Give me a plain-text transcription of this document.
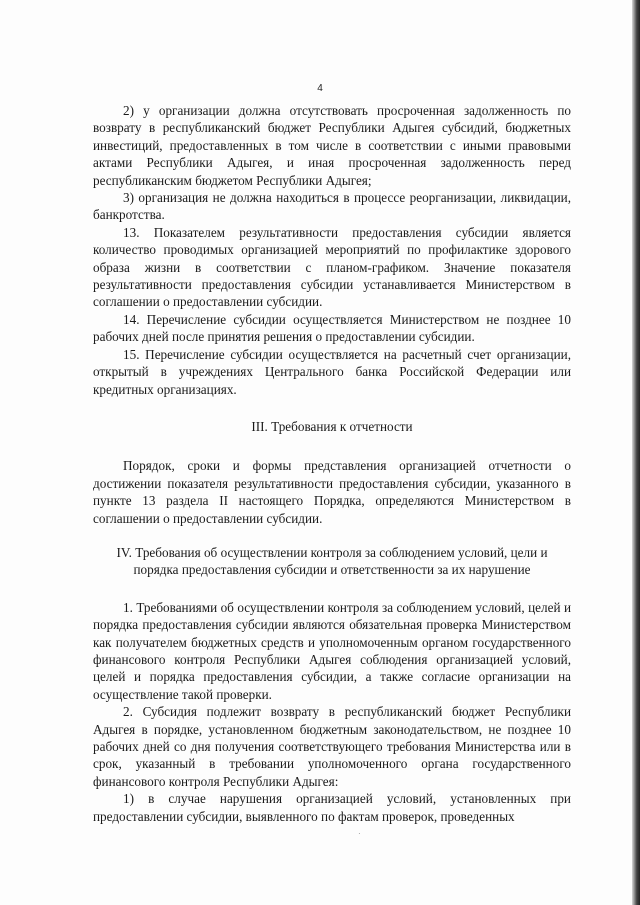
4

2) у организации должна отсутствовать просроченная задолженность по возврату в республиканский бюджет Республики Адыгея субсидий, бюджетных инвестиций, предоставленных в том числе в соответствии с иными правовыми актами Республики Адыгея, и иная просроченная задолженность перед республиканским бюджетом Республики Адыгея;

3) организация не должна находиться в процессе реорганизации, ликвидации, банкротства.

13. Показателем результативности предоставления субсидии является количество проводимых организацией мероприятий по профилактике здорового образа жизни в соответствии с планом-графиком. Значение показателя результативности предоставления субсидии устанавливается Министерством в соглашении о предоставлении субсидии.

14. Перечисление субсидии осуществляется Министерством не позднее 10 рабочих дней после принятия решения о предоставлении субсидии.

15. Перечисление субсидии осуществляется на расчетный счет организации, открытый в учреждениях Центрального банка Российской Федерации или кредитных организациях.

III. Требования к отчетности

Порядок, сроки и формы представления организацией отчетности о достижении показателя результативности предоставления субсидии, указанного в пункте 13 раздела II настоящего Порядка, определяются Министерством в соглашении о предоставлении субсидии.

IV. Требования об осуществлении контроля за соблюдением условий, цели и порядка предоставления субсидии и ответственности за их нарушение

1. Требованиями об осуществлении контроля за соблюдением условий, целей и порядка предоставления субсидии являются обязательная проверка Министерством как получателем бюджетных средств и уполномоченным органом государственного финансового контроля Республики Адыгея соблюдения организацией условий, целей и порядка предоставления субсидии, а также согласие организации на осуществление такой проверки.

2. Субсидия подлежит возврату в республиканский бюджет Республики Адыгея в порядке, установленном бюджетным законодательством, не позднее 10 рабочих дней со дня получения соответствующего требования Министерства или в срок, указанный в требовании уполномоченного органа государственного финансового контроля Республики Адыгея:

1) в случае нарушения организацией условий, установленных при предоставлении субсидии, выявленного по фактам проверок, проведенных

·
